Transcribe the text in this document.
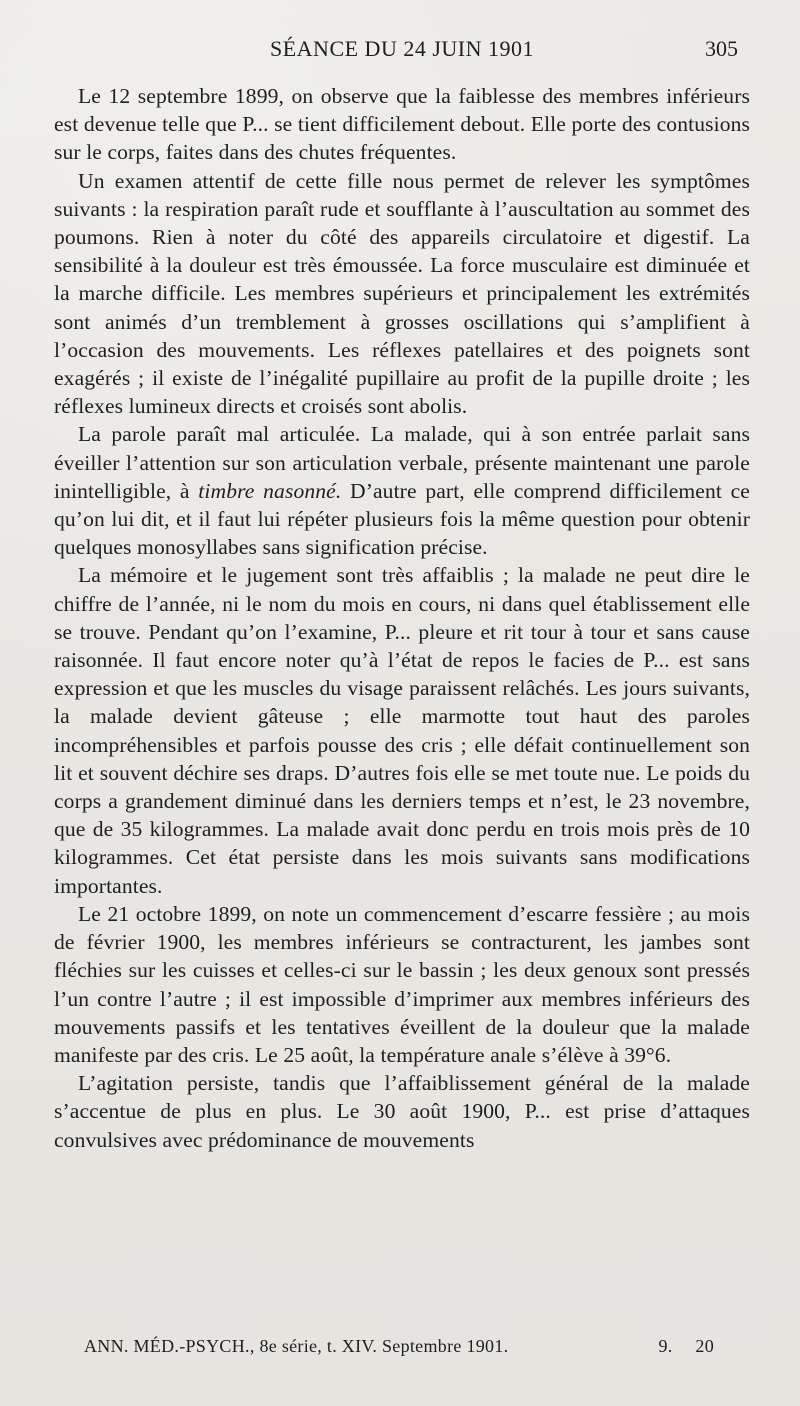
SÉANCE DU 24 JUIN 1901	305

Le 12 septembre 1899, on observe que la faiblesse des membres inférieurs est devenue telle que P... se tient difficilement debout. Elle porte des contusions sur le corps, faites dans des chutes fréquentes.

Un examen attentif de cette fille nous permet de relever les symptômes suivants : la respiration paraît rude et soufflante à l’auscultation au sommet des poumons. Rien à noter du côté des appareils circulatoire et digestif. La sensibilité à la douleur est très émoussée. La force musculaire est diminuée et la marche difficile. Les membres supérieurs et principalement les extrémités sont animés d’un tremblement à grosses oscillations qui s’amplifient à l’occasion des mouvements. Les réflexes patellaires et des poignets sont exagérés ; il existe de l’inégalité pupillaire au profit de la pupille droite ; les réflexes lumineux directs et croisés sont abolis.

La parole paraît mal articulée. La malade, qui à son entrée parlait sans éveiller l’attention sur son articulation verbale, présente maintenant une parole inintelligible, à timbre nasonné. D’autre part, elle comprend difficilement ce qu’on lui dit, et il faut lui répéter plusieurs fois la même question pour obtenir quelques monosyllabes sans signification précise.

La mémoire et le jugement sont très affaiblis ; la malade ne peut dire le chiffre de l’année, ni le nom du mois en cours, ni dans quel établissement elle se trouve. Pendant qu’on l’examine, P... pleure et rit tour à tour et sans cause raisonnée. Il faut encore noter qu’à l’état de repos le facies de P... est sans expression et que les muscles du visage paraissent relâchés. Les jours suivants, la malade devient gâteuse ; elle marmotte tout haut des paroles incompréhensibles et parfois pousse des cris ; elle défait continuellement son lit et souvent déchire ses draps. D’autres fois elle se met toute nue. Le poids du corps a grandement diminué dans les derniers temps et n’est, le 23 novembre, que de 35 kilogrammes. La malade avait donc perdu en trois mois près de 10 kilogrammes. Cet état persiste dans les mois suivants sans modifications importantes.

Le 21 octobre 1899, on note un commencement d’escarre fessière ; au mois de février 1900, les membres inférieurs se contracturent, les jambes sont fléchies sur les cuisses et celles-ci sur le bassin ; les deux genoux sont pressés l’un contre l’autre ; il est impossible d’imprimer aux membres inférieurs des mouvements passifs et les tentatives éveillent de la douleur que la malade manifeste par des cris. Le 25 août, la température anale s’élève à 39°6.

L’agitation persiste, tandis que l’affaiblissement général de la malade s’accentue de plus en plus. Le 30 août 1900, P... est prise d’attaques convulsives avec prédominance de mouvements

ANN. MÉD.-PSYCH., 8e série, t. XIV. Septembre 1901.	9. 20
